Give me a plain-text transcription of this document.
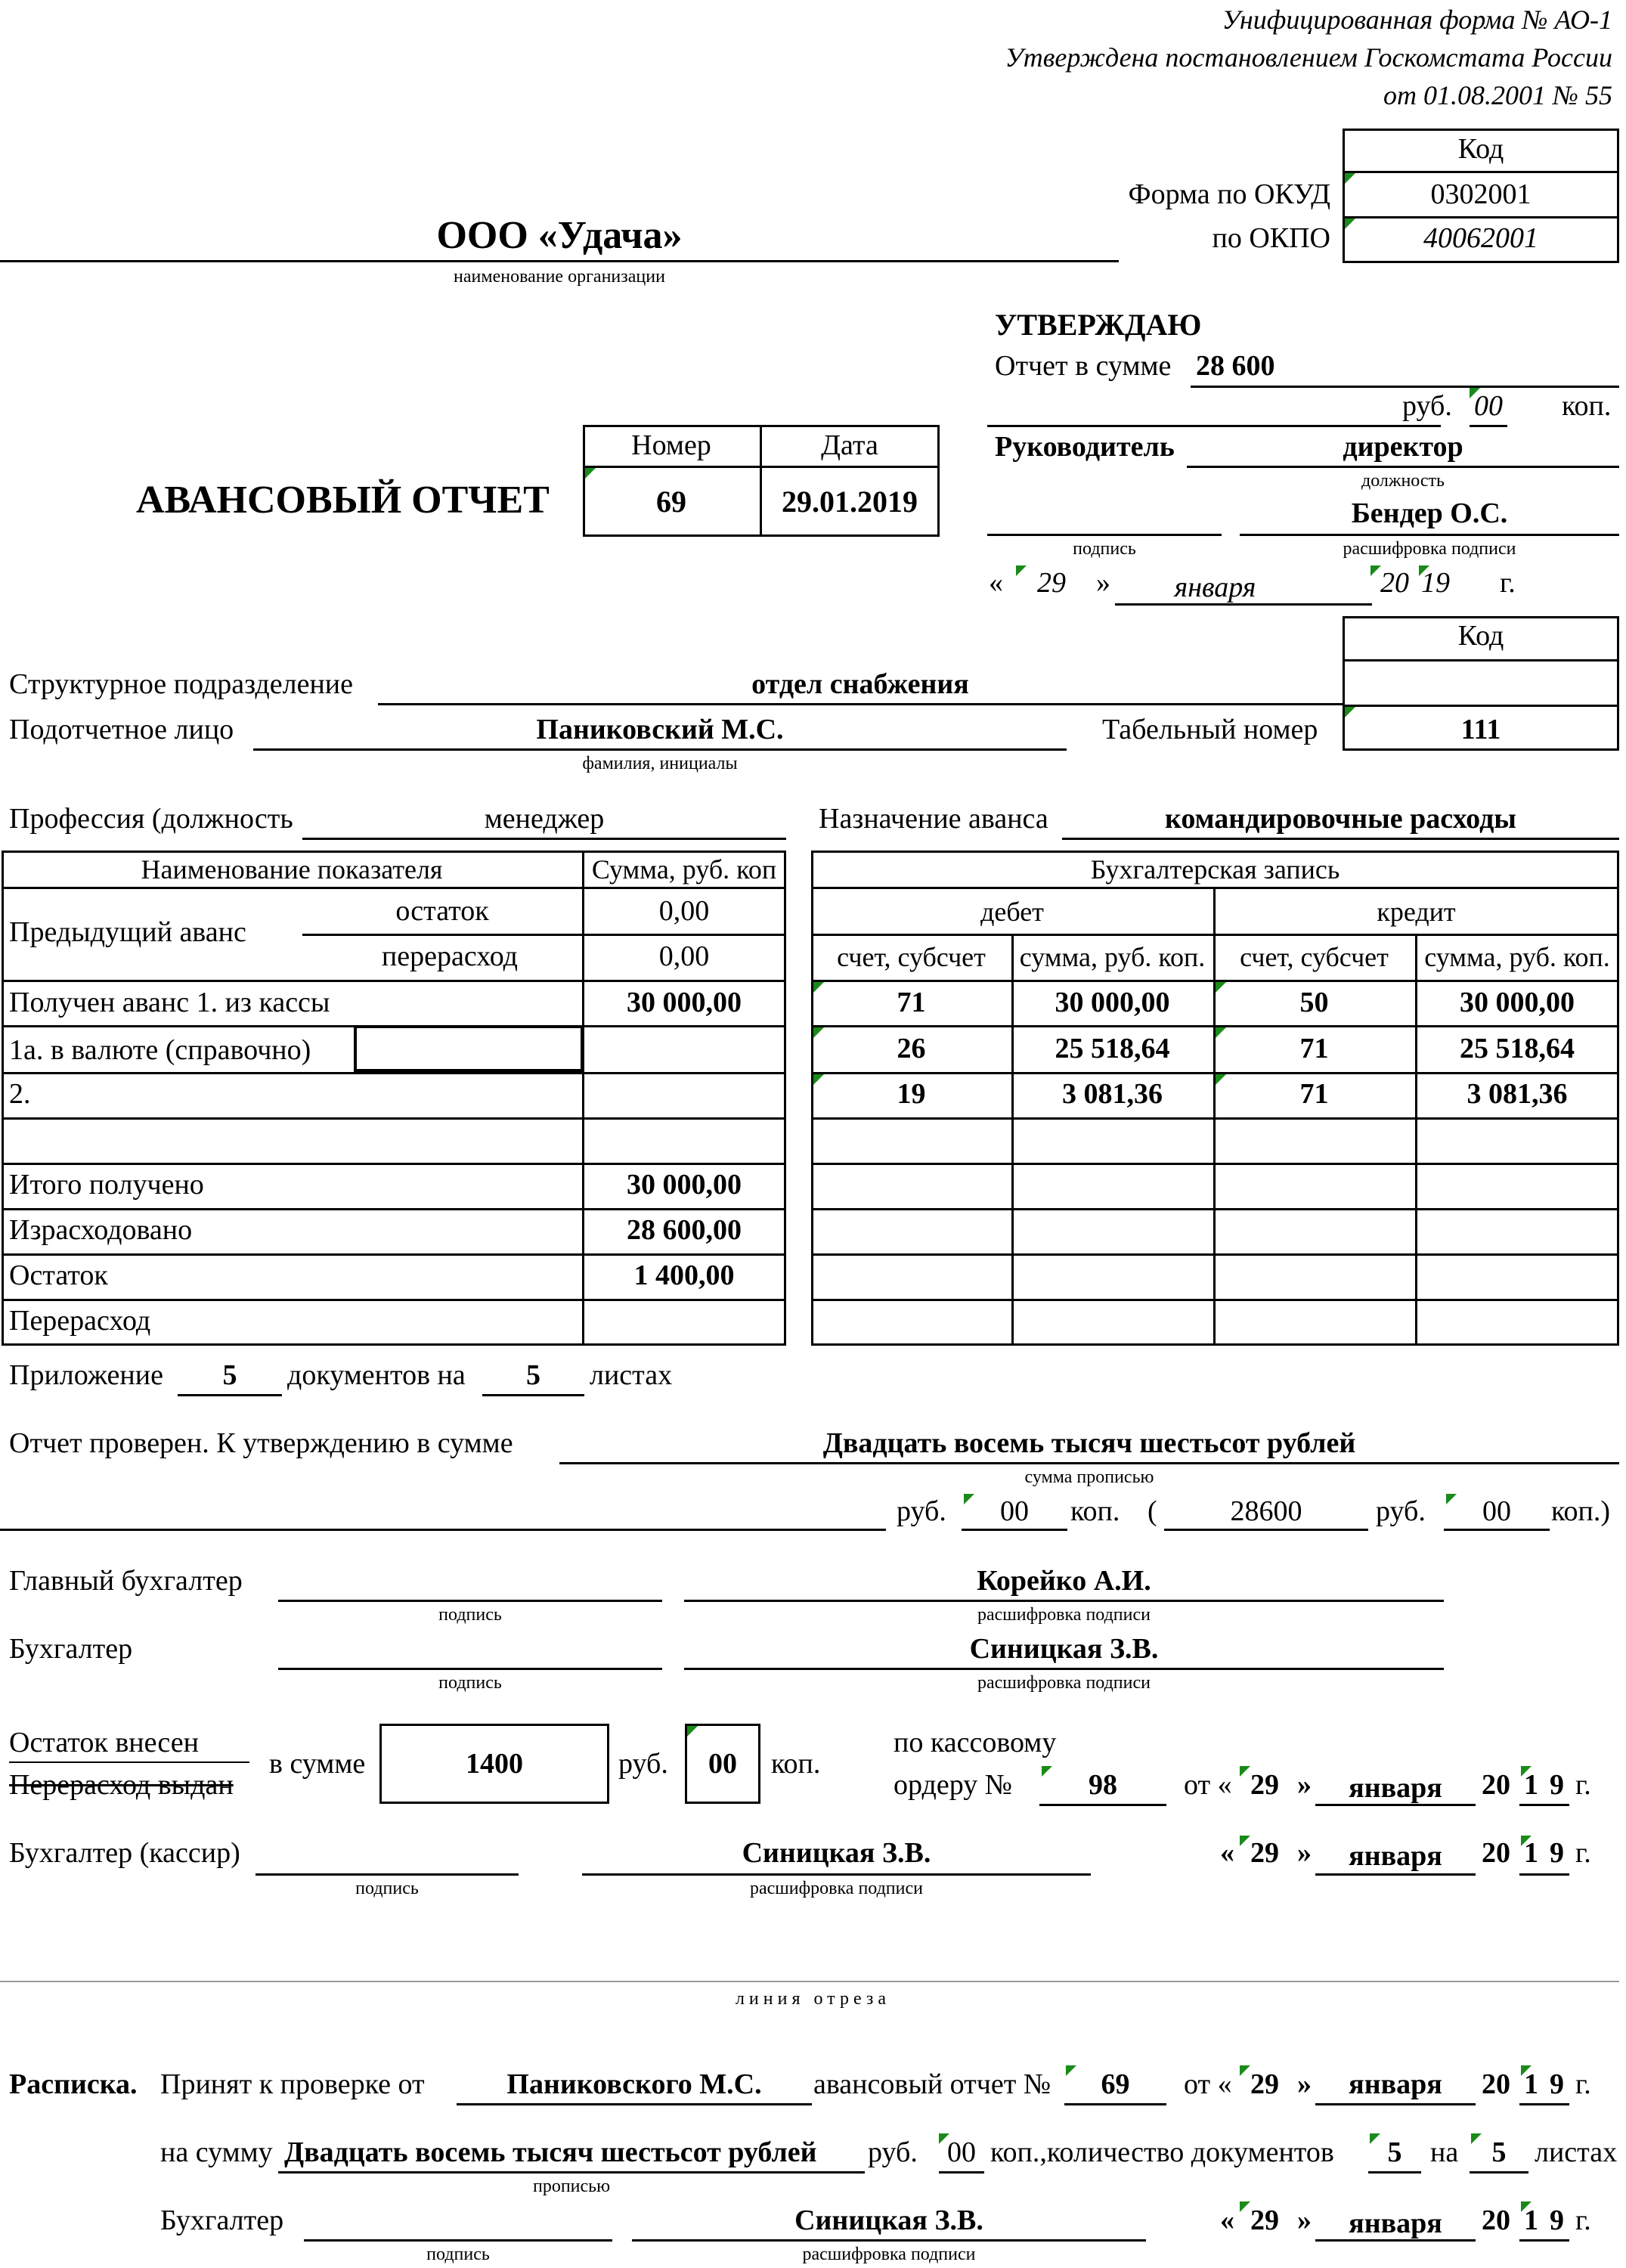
Унифицированная форма № АО-1
Утверждена постановлением Госкомстата России
от 01.08.2001 № 55
Код
Форма по ОКУД	0302001
по ОКПО	40062001
ООО «Удача»
наименование организации
УТВЕРЖДАЮ
Отчет в сумме 28 600
руб. 00 коп.
Руководитель	директор
должность
Бендер О.С.
подпись	расшифровка подписи
«	29	»	января	20 19 г.
АВАНСОВЫЙ ОТЧЕТ
Номер	Дата
69	29.01.2019
Код
Структурное подразделение	отдел снабжения
Подотчетное лицо	Паниковский М.С.
фамилия, инициалы
Табельный номер	111
Профессия (должность	менеджер	Назначение аванса	командировочные расходы
Наименование показателя	Сумма, руб. коп
Предыдущий аванс
остаток	0,00
перерасход	0,00
Получен аванс 1. из кассы	30 000,00
1а. в валюте (справочно)
2.
Итого получено	30 000,00
Израсходовано	28 600,00
Остаток	1 400,00
Перерасход
Бухгалтерская запись
дебет	кредит
счет, субсчет	сумма, руб. коп.	счет, субсчет	сумма, руб. коп.
71	30 000,00	50	30 000,00
26	25 518,64	71	25 518,64
19	3 081,36	71	3 081,36
Приложение	5	документов на	5	листах
Отчет проверен. К утверждению в сумме	Двадцать восемь тысяч шестьсот рублей
сумма прописью
руб.	00	коп. (	28600	руб.	00	коп.)
Главный бухгалтер
подпись
Корейко А.И.
расшифровка подписи
Бухгалтер
подпись
Синицкая З.В.
расшифровка подписи
Остаток внесен
Перерасход выдан
в сумме	1400	руб.	00	коп.
по кассовому
ордеру №	98	от « 29 »	января	20 1 9 г.
Бухгалтер (кассир)
подпись
Синицкая З.В.
расшифровка подписи
« 29 »	января	20 1 9 г.
линия отреза
Расписка. Принят к проверке от	Паниковского М.С.	авансовый отчет №	69	от « 29 »	января	20 1 9 г.
на сумму Двадцать восемь тысяч шестьсот рублей
прописью
руб. 00 коп.,количество документов	5 на	5 листах
Бухгалтер
подпись
Синицкая З.В.
расшифровка подписи
« 29 »	января	20 1 9 г.
